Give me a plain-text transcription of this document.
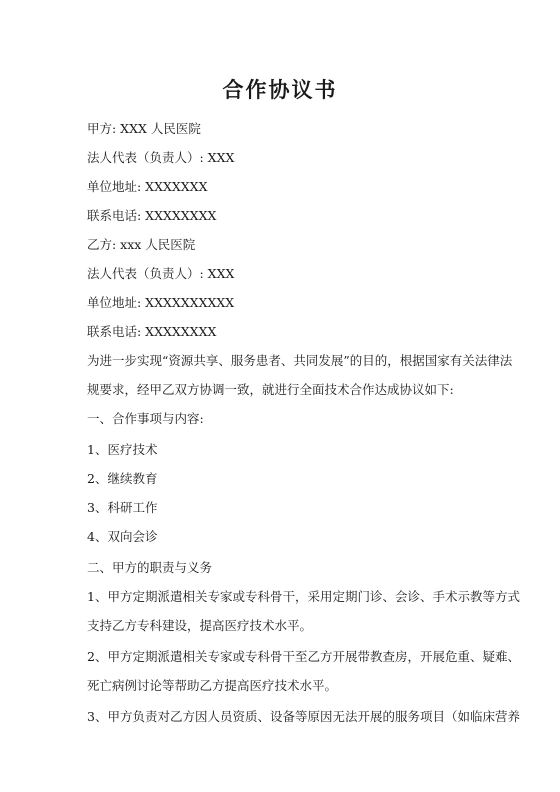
合作协议书

甲方: XXX 人民医院

法人代表（负责人）: XXX

单位地址: XXXXXXX

联系电话: XXXXXXXX

乙方: xxx 人民医院

法人代表（负责人）: XXX

单位地址: XXXXXXXXXX

联系电话: XXXXXXXX

为进一步实现“资源共享、服务患者、共同发展”的目的，根据国家有关法律法

规要求，经甲乙双方协调一致，就进行全面技术合作达成协议如下:

一、合作事项与内容:

1、医疗技术

2、继续教育

3、科研工作

4、双向会诊

二、甲方的职责与义务

1、甲方定期派遣相关专家或专科骨干，采用定期门诊、会诊、手术示教等方式

支持乙方专科建设，提高医疗技术水平。

2、甲方定期派遣相关专家或专科骨干至乙方开展带教查房，开展危重、疑难、

死亡病例讨论等帮助乙方提高医疗技术水平。

3、甲方负责对乙方因人员资质、设备等原因无法开展的服务项目（如临床营养
